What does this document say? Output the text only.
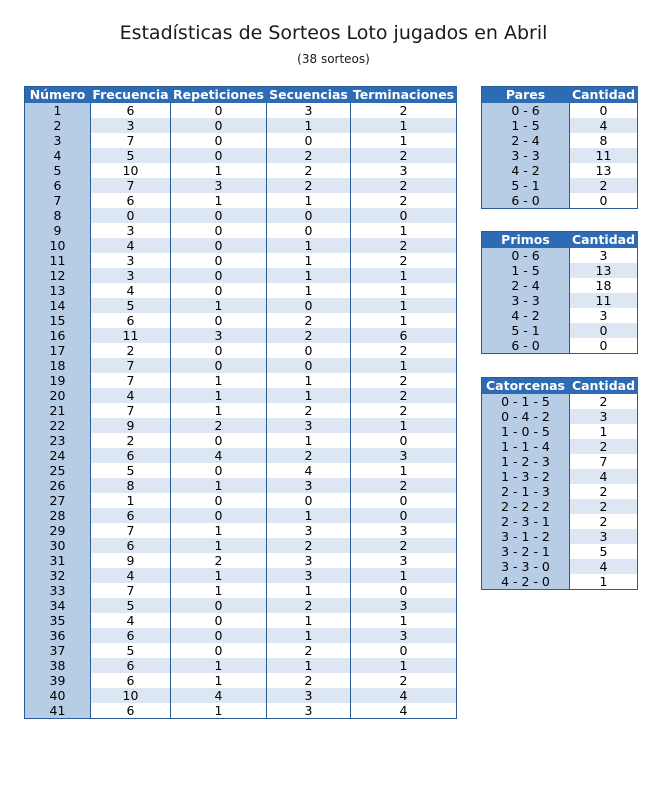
Estadísticas de Sorteos Loto jugados en Abril
(38 sorteos)
Número	Frecuencia	Repeticiones	Secuencias	Terminaciones
1	6	0	3	2
2	3	0	1	1
3	7	0	0	1
4	5	0	2	2
5	10	1	2	3
6	7	3	2	2
7	6	1	1	2
8	0	0	0	0
9	3	0	0	1
10	4	0	1	2
11	3	0	1	2
12	3	0	1	1
13	4	0	1	1
14	5	1	0	1
15	6	0	2	1
16	11	3	2	6
17	2	0	0	2
18	7	0	0	1
19	7	1	1	2
20	4	1	1	2
21	7	1	2	2
22	9	2	3	1
23	2	0	1	0
24	6	4	2	3
25	5	0	4	1
26	8	1	3	2
27	1	0	0	0
28	6	0	1	0
29	7	1	3	3
30	6	1	2	2
31	9	2	3	3
32	4	1	3	1
33	7	1	1	0
34	5	0	2	3
35	4	0	1	1
36	6	0	1	3
37	5	0	2	0
38	6	1	1	1
39	6	1	2	2
40	10	4	3	4
41	6	1	3	4
Pares	Cantidad
0 - 6	0
1 - 5	4
2 - 4	8
3 - 3	11
4 - 2	13
5 - 1	2
6 - 0	0
Primos	Cantidad
0 - 6	3
1 - 5	13
2 - 4	18
3 - 3	11
4 - 2	3
5 - 1	0
6 - 0	0
Catorcenas	Cantidad
0 - 1 - 5	2
0 - 4 - 2	3
1 - 0 - 5	1
1 - 1 - 4	2
1 - 2 - 3	7
1 - 3 - 2	4
2 - 1 - 3	2
2 - 2 - 2	2
2 - 3 - 1	2
3 - 1 - 2	3
3 - 2 - 1	5
3 - 3 - 0	4
4 - 2 - 0	1
